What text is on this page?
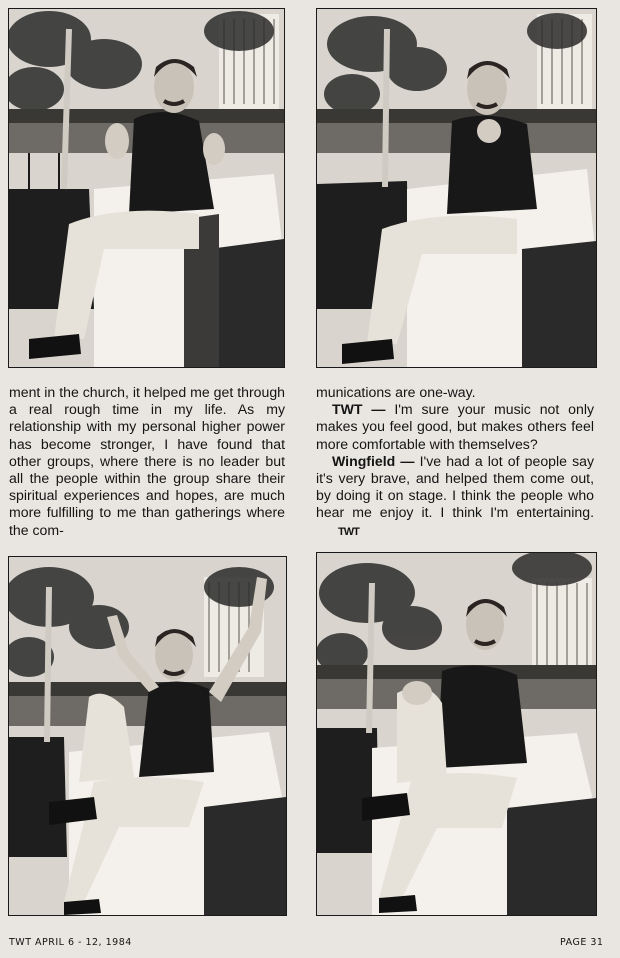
ment in the church, it helped me get through a real rough time in my life. As my relationship with my personal higher power has become stronger, I have found that other groups, where there is no leader but all the people within the group share their spiritual experiences and hopes, are much more fulfilling to me than gatherings where the com-

munications are one-way.

TWT — I'm sure your music not only makes you feel good, but makes others feel more comfortable with themselves?

Wingfield — I've had a lot of people say it's very brave, and helped them come out, by doing it on stage. I think the people who hear me enjoy it. I think I'm entertaining.TWT

TWT APRIL 6 - 12, 1984	PAGE 31
